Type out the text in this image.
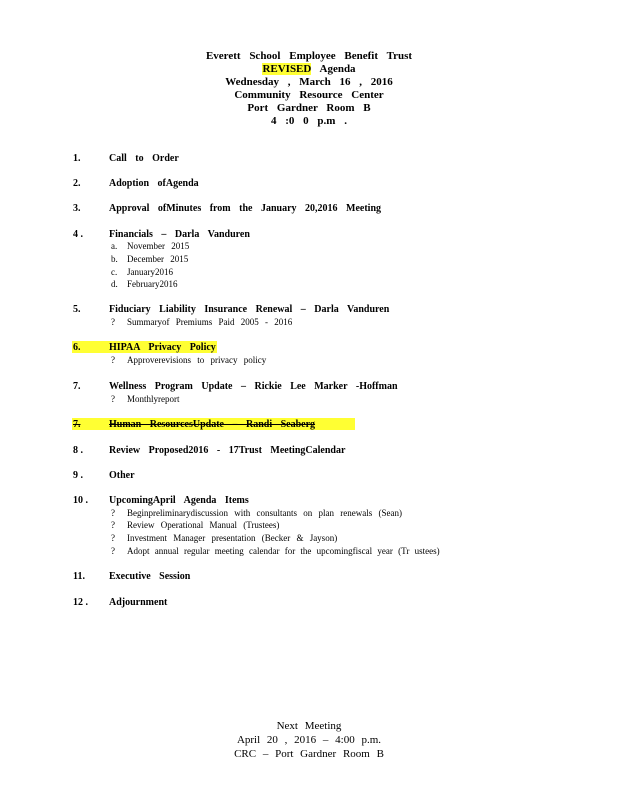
Everett School Employee Benefit Trust
REVISED Agenda
Wednesday , March 16 , 2016
Community Resource Center
Port Gardner Room B
4 :0 0 p.m .
1.	Call to Order
2.	Adoption ofAgenda
3.	Approval ofMinutes from the January 20,2016 Meeting
4 .	Financials – Darla Vanduren
a. November 2015
b. December 2015
c. January2016
d. February2016
5.	Fiduciary Liability Insurance Renewal – Darla Vanduren
? Summaryof Premiums Paid 2005 - 2016
6.	HIPAA Privacy Policy
? Approverevisions to privacy policy
7.	Wellness Program Update – Rickie Lee Marker -Hoffman
? Monthlyreport
7.	Human ResourcesUpdate – Randi Seaberg
8 .	Review Proposed2016 - 17Trust MeetingCalendar
9 .	Other
10 . UpcomingApril Agenda Items
? Beginpreliminarydiscussion with consultants on plan renewals (Sean)
? Review Operational Manual (Trustees)
? Investment Manager presentation (Becker & Jayson)
? Adopt annual regular meeting calendar for the upcomingfiscal year (Tr ustees)
11. Executive Session
12 . Adjournment
Next Meeting
April 20 , 2016 – 4:00 p.m.
CRC – Port Gardner Room B
